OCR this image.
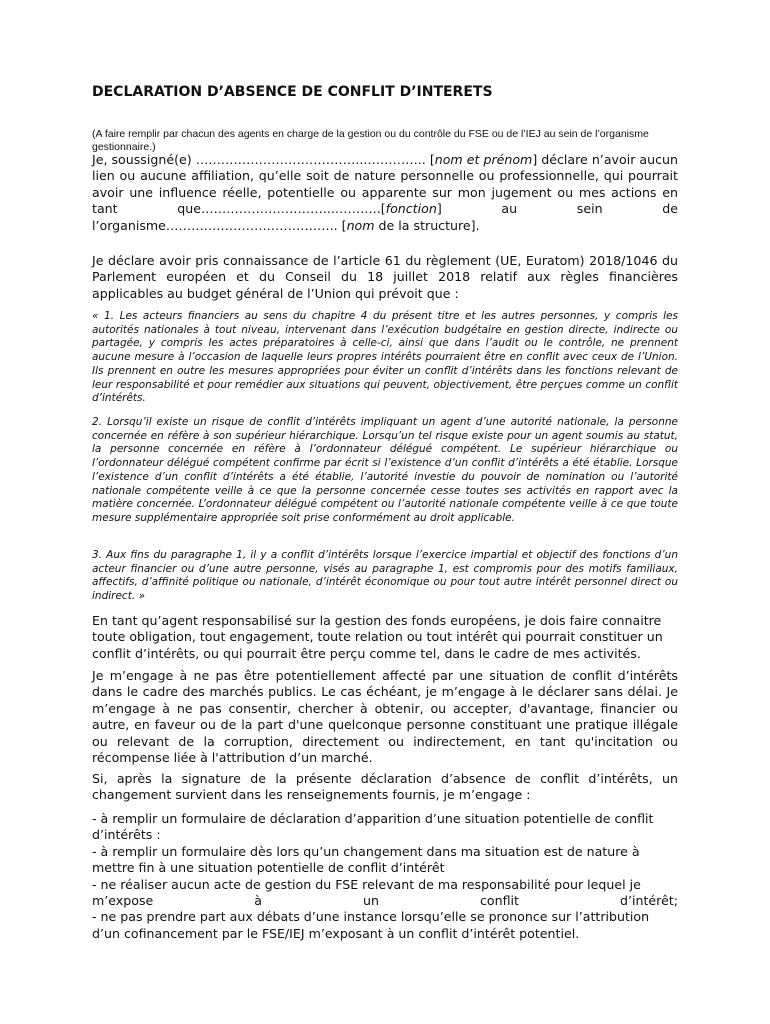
DECLARATION D’ABSENCE DE CONFLIT D’INTERETS
(A faire remplir par chacun des agents en charge de la gestion ou du contrôle du FSE ou de l’IEJ au sein de l’organisme gestionnaire.)
Je, soussigné(e) …………………………………..………….. [nom et prénom] déclare n’avoir aucun lien ou aucune affiliation, qu’elle soit de nature personnelle ou professionnelle, qui pourrait avoir une influence réelle, potentielle ou apparente sur mon jugement ou mes actions en tant que…………………………..………..[fonction] au sein de l’organisme………………………………….. [nom de la structure].
Je déclare avoir pris connaissance de l’article 61 du règlement (UE, Euratom) 2018/1046 du Parlement européen et du Conseil du 18 juillet 2018 relatif aux règles financières applicables au budget général de l’Union qui prévoit que :
« 1. Les acteurs financiers au sens du chapitre 4 du présent titre et les autres personnes, y compris les autorités nationales à tout niveau, intervenant dans l’exécution budgétaire en gestion directe, indirecte ou partagée, y compris les actes préparatoires à celle-ci, ainsi que dans l’audit ou le contrôle, ne prennent aucune mesure à l’occasion de laquelle leurs propres intérêts pourraient être en conflit avec ceux de l’Union. Ils prennent en outre les mesures appropriées pour éviter un conflit d’intérêts dans les fonctions relevant de leur responsabilité et pour remédier aux situations qui peuvent, objectivement, être perçues comme un conflit d’intérêts.
2. Lorsqu’il existe un risque de conflit d’intérêts impliquant un agent d’une autorité nationale, la personne concernée en réfère à son supérieur hiérarchique. Lorsqu’un tel risque existe pour un agent soumis au statut, la personne concernée en réfère à l’ordonnateur délégué compétent. Le supérieur hiérarchique ou l’ordonnateur délégué compétent confirme par écrit si l’existence d’un conflit d’intérêts a été établie. Lorsque l’existence d’un conflit d’intérêts a été établie, l’autorité investie du pouvoir de nomination ou l’autorité nationale compétente veille à ce que la personne concernée cesse toutes ses activités en rapport avec la matière concernée. L’ordonnateur délégué compétent ou l’autorité nationale compétente veille à ce que toute mesure supplémentaire appropriée soit prise conformément au droit applicable.
3. Aux fins du paragraphe 1, il y a conflit d’intérêts lorsque l’exercice impartial et objectif des fonctions d’un acteur financier ou d’une autre personne, visés au paragraphe 1, est compromis pour des motifs familiaux, affectifs, d’affinité politique ou nationale, d’intérêt économique ou pour tout autre intérêt personnel direct ou indirect. »
En tant qu’agent responsabilisé sur la gestion des fonds européens, je dois faire connaitre toute obligation, tout engagement, toute relation ou tout intérêt qui pourrait constituer un conflit d’intérêts, ou qui pourrait être perçu comme tel, dans le cadre de mes activités.
Je m’engage à ne pas être potentiellement affecté par une situation de conflit d’intérêts dans le cadre des marchés publics. Le cas échéant, je m’engage à le déclarer sans délai. Je m’engage à ne pas consentir, chercher à obtenir, ou accepter, d'avantage, financier ou autre, en faveur ou de la part d'une quelconque personne constituant une pratique illégale ou relevant de la corruption, directement ou indirectement, en tant qu'incitation ou récompense liée à l'attribution d’un marché.
Si, après la signature de la présente déclaration d’absence de conflit d’intérêts, un changement survient dans les renseignements fournis, je m’engage :
- à remplir un formulaire de déclaration d’apparition d’une situation potentielle de conflit d’intérêts :
- à remplir un formulaire dès lors qu’un changement dans ma situation est de nature à mettre fin à une situation potentielle de conflit d’intérêt
- ne réaliser aucun acte de gestion du FSE relevant de ma responsabilité pour lequel je
m’expose	à	un	conflit	d’intérêt;
- ne pas prendre part aux débats d’une instance lorsqu’elle se prononce sur l’attribution d’un cofinancement par le FSE/IEJ m’exposant à un conflit d’intérêt potentiel.
